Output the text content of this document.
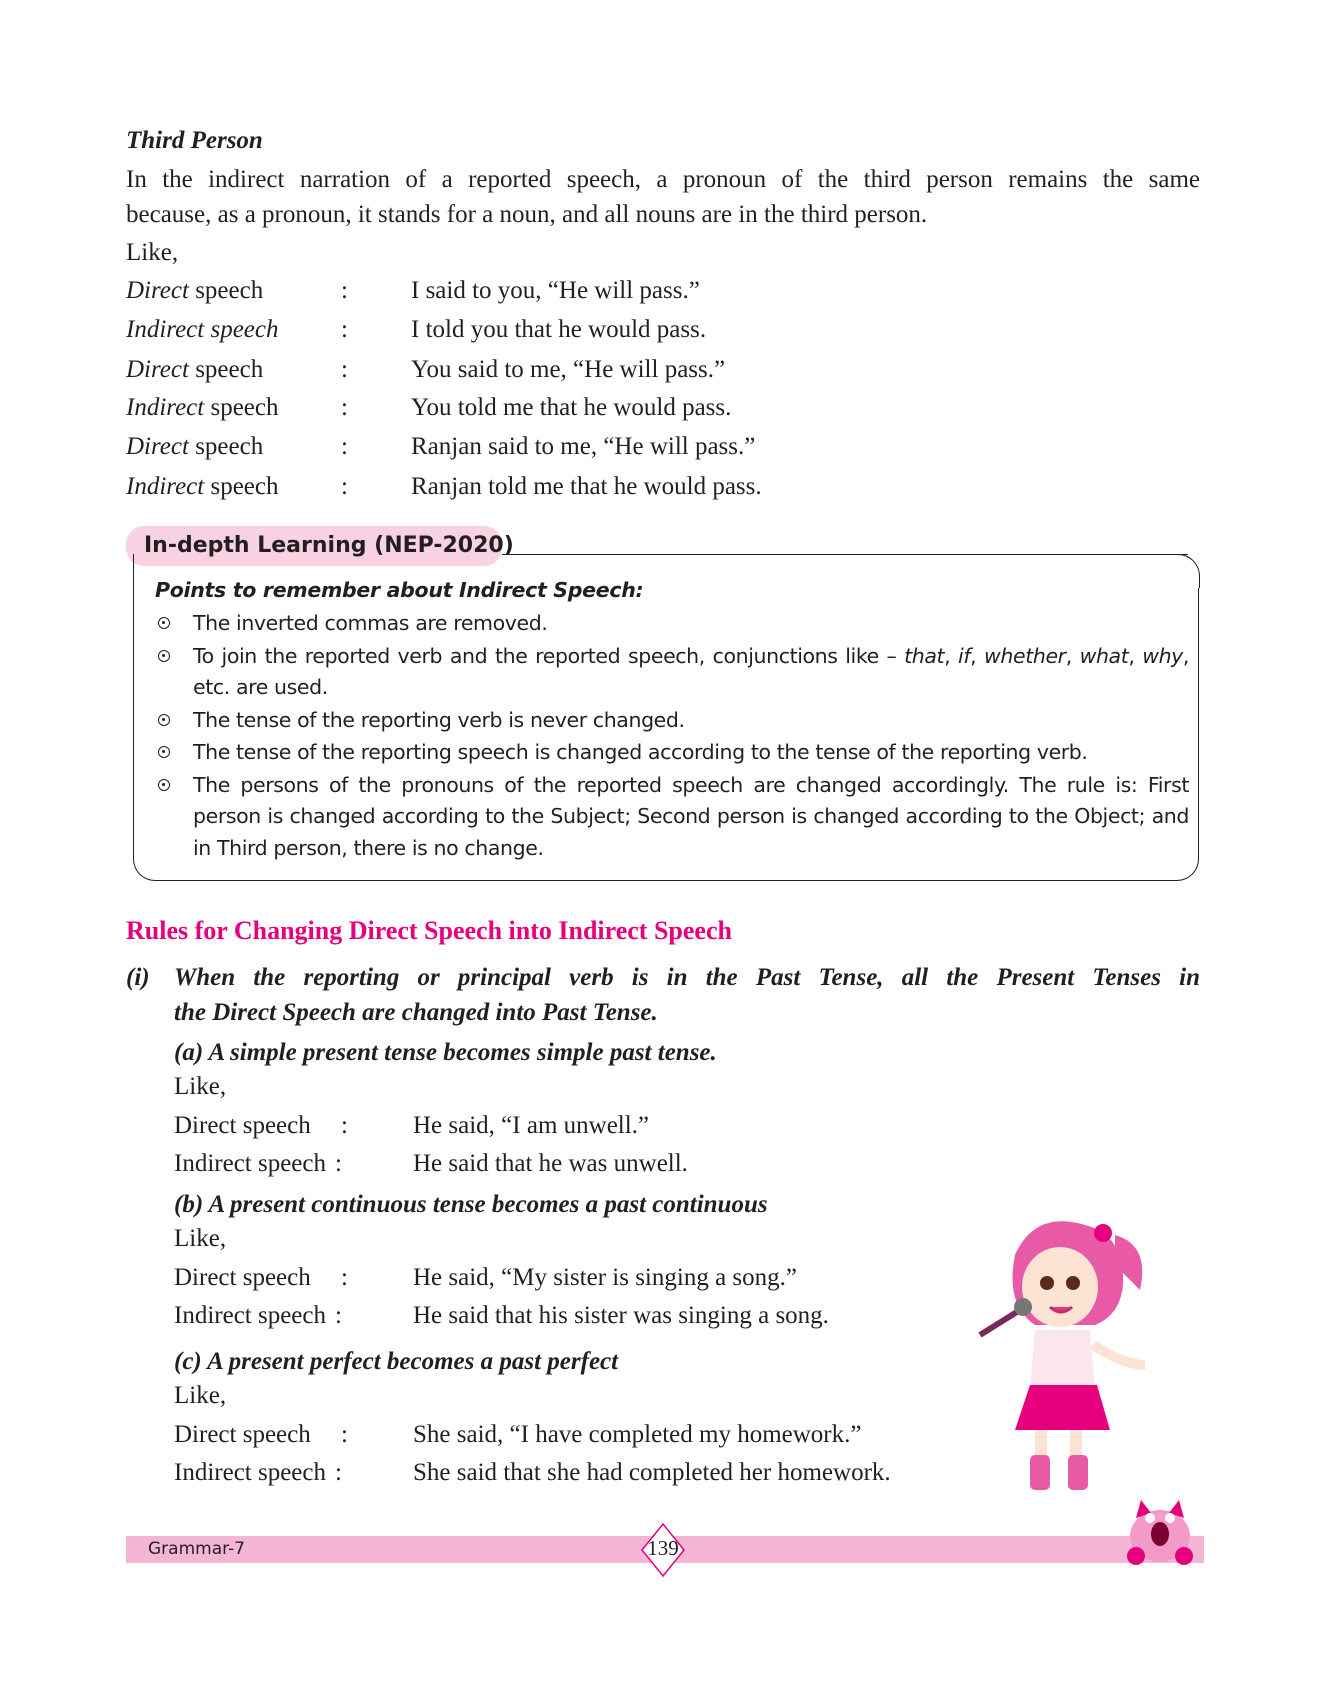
Third Person
In the indirect narration of a reported speech, a pronoun of the third person remains the same
because, as a pronoun, it stands for a noun, and all nouns are in the third person.
Like,
Direct speech	:	I said to you, “He will pass.”
Indirect speech	:	I told you that he would pass.
Direct speech	:	You said to me, “He will pass.”
Indirect speech	:	You told me that he would pass.
Direct speech	:	Ranjan said to me, “He will pass.”
Indirect speech	:	Ranjan told me that he would pass.
In-depth Learning (NEP-2020)
Points to remember about Indirect Speech:
The inverted commas are removed.
To join the reported verb and the reported speech, conjunctions like – that, if, whether, what, why, etc. are used.
The tense of the reporting verb is never changed.
The tense of the reporting speech is changed according to the tense of the reporting verb.
The persons of the pronouns of the reported speech are changed accordingly. The rule is: First person is changed according to the Subject; Second person is changed according to the Object; and in Third person, there is no change.
Rules for Changing Direct Speech into Indirect Speech
(i) When the reporting or principal verb is in the Past Tense, all the Present Tenses in
the Direct Speech are changed into Past Tense.
(a) A simple present tense becomes simple past tense.
Like,
Direct speech :	He said, “I am unwell.”
Indirect speech :	He said that he was unwell.
(b) A present continuous tense becomes a past continuous
Like,
Direct speech :	He said, “My sister is singing a song.”
Indirect speech :	He said that his sister was singing a song.
(c) A present perfect becomes a past perfect
Like,
Direct speech :	She said, “I have completed my homework.”
Indirect speech :	She said that she had completed her homework.
Grammar-7	139
